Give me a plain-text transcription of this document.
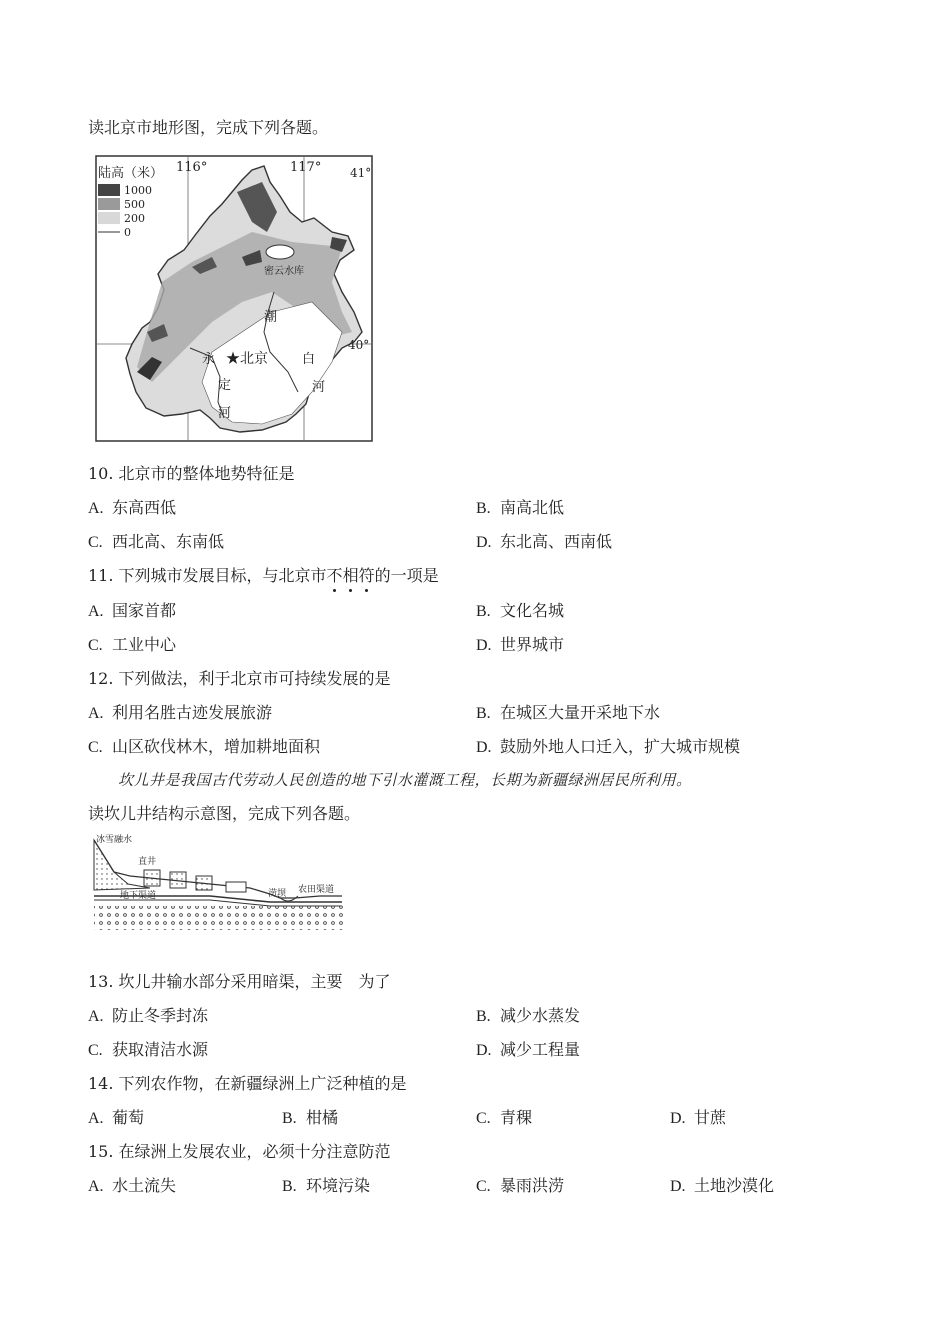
读北京市地形图，完成下列各题。
陆高（米）
1000
500
200
0
116°	117° 41°
40°
密云水库
★北京
潮
白
河
永
定
河
10. 北京市的整体地势特征是
A. 东高西低	B. 南高北低
C. 西北高、东南低	D. 东北高、西南低
11. 下列城市发展目标，与北京市不相符的一项是
A. 国家首都	B. 文化名城
C. 工业中心	D. 世界城市
12. 下列做法，利于北京市可持续发展的是
A. 利用名胜古迹发展旅游	B. 在城区大量开采地下水
C. 山区砍伐林木，增加耕地面积	D. 鼓励外地人口迁入，扩大城市规模
坎儿井是我国古代劳动人民创造的地下引水灌溉工程，长期为新疆绿洲居民所利用。
读坎儿井结构示意图，完成下列各题。
冰雪融水
直井
地下渠道	涝坝 农田渠道
13. 坎儿井输水部分采用暗渠，主要　为了
A. 防止冬季封冻	B. 减少水蒸发
C. 获取清洁水源	D. 减少工程量
14. 下列农作物，在新疆绿洲上广泛种植的是
A. 葡萄	B. 柑橘	C. 青稞	D. 甘蔗
15. 在绿洲上发展农业，必须十分注意防范
A. 水土流失	B. 环境污染	C. 暴雨洪涝	D. 土地沙漠化
